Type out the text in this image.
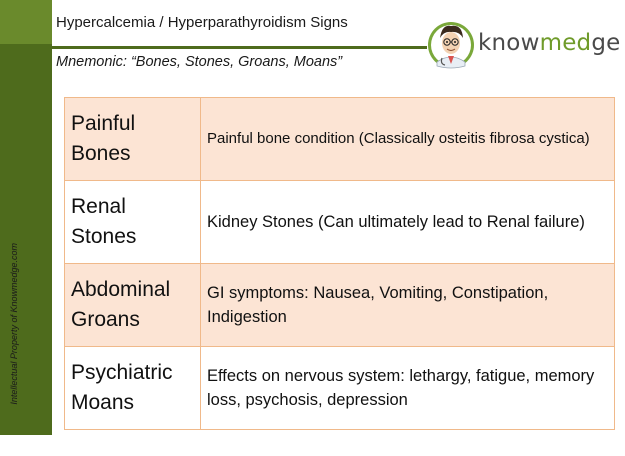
Intellectual Property of Knowmedge.com
Hypercalcemia / Hyperparathyroidism Signs
Mnemonic: “Bones, Stones, Groans, Moans”
knowmedge
Painful
Bones	Painful bone condition (Classically osteitis fibrosa cystica)
Renal
Stones	Kidney Stones (Can ultimately lead to Renal failure)
Abdominal
Groans	GI symptoms: Nausea, Vomiting, Constipation, Indigestion
Psychiatric
Moans	Effects on nervous system: lethargy, fatigue, memory loss, psychosis, depression
